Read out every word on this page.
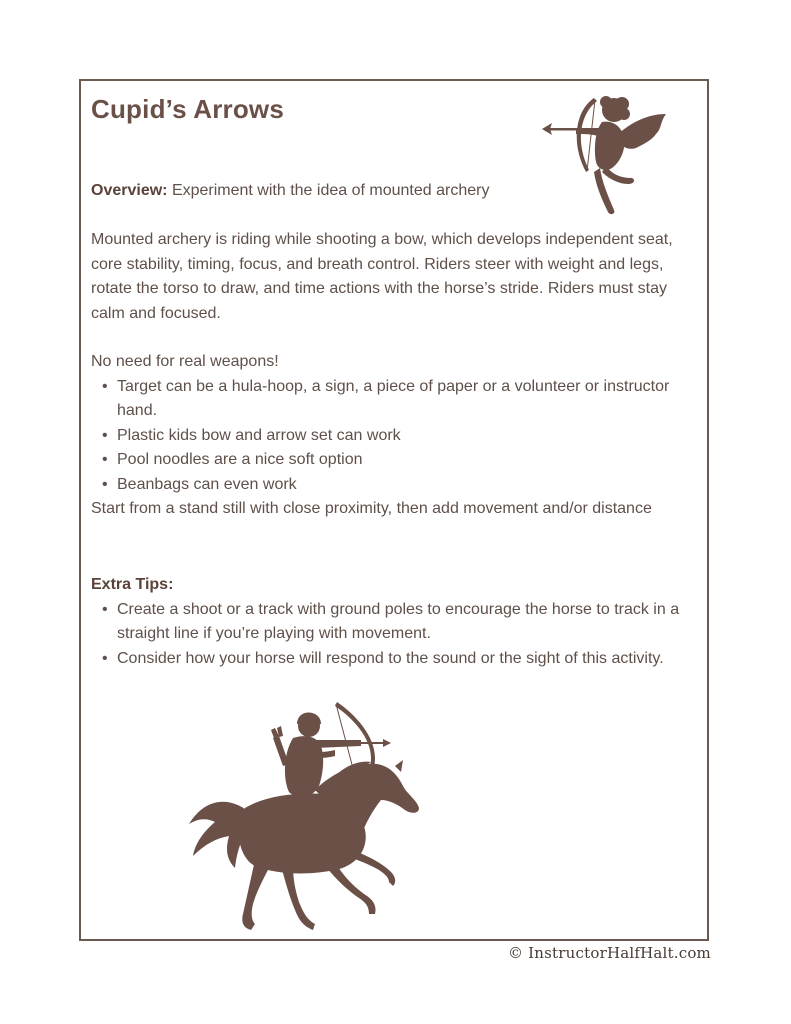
Cupid’s Arrows
Overview: Experiment with the idea of mounted archery
Mounted archery is riding while shooting a bow, which develops independent seat, core stability, timing, focus, and breath control. Riders steer with weight and legs, rotate the torso to draw, and time actions with the horse’s stride. Riders must stay calm and focused.
No need for real weapons!
• Target can be a hula-hoop, a sign, a piece of paper or a volunteer or instructor hand.
• Plastic kids bow and arrow set can work
• Pool noodles are a nice soft option
• Beanbags can even work
Start from a stand still with close proximity, then add movement and/or distance
Extra Tips:
• Create a shoot or a track with ground poles to encourage the horse to track in a straight line if you’re playing with movement.
• Consider how your horse will respond to the sound or the sight of this activity.
© InstructorHalfHalt.com
